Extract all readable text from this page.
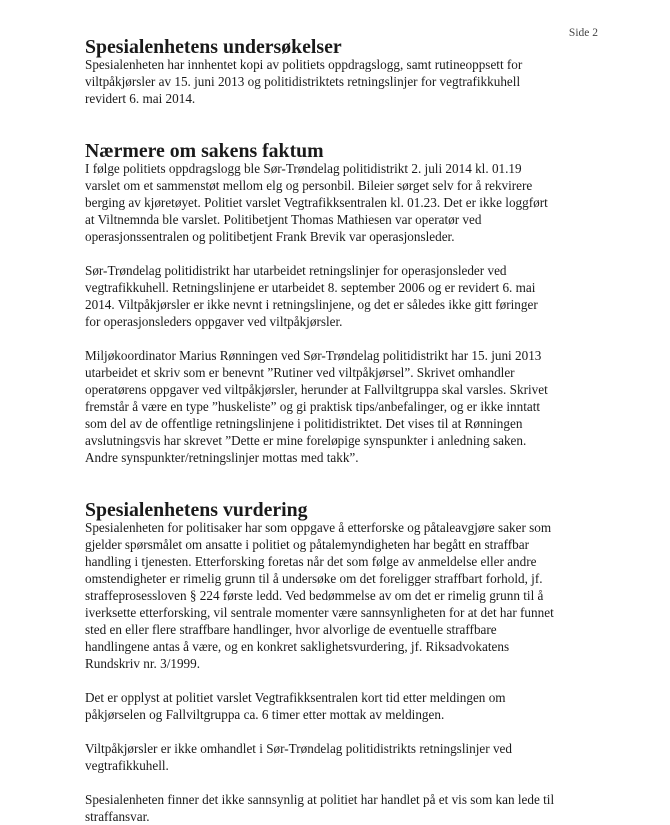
Side 2
Spesialenhetens undersøkelser

Spesialenheten har innhentet kopi av politiets oppdragslogg, samt rutineoppsett for
viltpåkjørsler av 15. juni 2013 og politidistriktets retningslinjer for vegtrafikkuhell
revidert 6. mai 2014.

Nærmere om sakens faktum

I følge politiets oppdragslogg ble Sør-Trøndelag politidistrikt 2. juli 2014 kl. 01.19
varslet om et sammenstøt mellom elg og personbil. Bileier sørget selv for å rekvirere
berging av kjøretøyet. Politiet varslet Vegtrafikksentralen kl. 01.23. Det er ikke loggført
at Viltnemnda ble varslet. Politibetjent Thomas Mathiesen var operatør ved
operasjonssentralen og politibetjent Frank Brevik var operasjonsleder.

Sør-Trøndelag politidistrikt har utarbeidet retningslinjer for operasjonsleder ved
vegtrafikkuhell. Retningslinjene er utarbeidet 8. september 2006 og er revidert 6. mai
2014. Viltpåkjørsler er ikke nevnt i retningslinjene, og det er således ikke gitt føringer
for operasjonsleders oppgaver ved viltpåkjørsler.

Miljøkoordinator Marius Rønningen ved Sør-Trøndelag politidistrikt har 15. juni 2013
utarbeidet et skriv som er benevnt ”Rutiner ved viltpåkjørsel”. Skrivet omhandler
operatørens oppgaver ved viltpåkjørsler, herunder at Fallviltgruppa skal varsles. Skrivet
fremstår å være en type ”huskeliste” og gi praktisk tips/anbefalinger, og er ikke inntatt
som del av de offentlige retningslinjene i politidistriktet. Det vises til at Rønningen
avslutningsvis har skrevet ”Dette er mine foreløpige synspunkter i anledning saken.
Andre synspunkter/retningslinjer mottas med takk”.

Spesialenhetens vurdering

Spesialenheten for politisaker har som oppgave å etterforske og påtaleavgjøre saker som
gjelder spørsmålet om ansatte i politiet og påtalemyndigheten har begått en straffbar
handling i tjenesten. Etterforsking foretas når det som følge av anmeldelse eller andre
omstendigheter er rimelig grunn til å undersøke om det foreligger straffbart forhold, jf.
straffeprosessloven § 224 første ledd. Ved bedømmelse av om det er rimelig grunn til å
iverksette etterforsking, vil sentrale momenter være sannsynligheten for at det har funnet
sted en eller flere straffbare handlinger, hvor alvorlige de eventuelle straffbare
handlingene antas å være, og en konkret saklighetsvurdering, jf. Riksadvokatens
Rundskriv nr. 3/1999.

Det er opplyst at politiet varslet Vegtrafikksentralen kort tid etter meldingen om
påkjørselen og Fallviltgruppa ca. 6 timer etter mottak av meldingen.

Viltpåkjørsler er ikke omhandlet i Sør-Trøndelag politidistrikts retningslinjer ved
vegtrafikkuhell.

Spesialenheten finner det ikke sannsynlig at politiet har handlet på et vis som kan lede til
straffansvar.
